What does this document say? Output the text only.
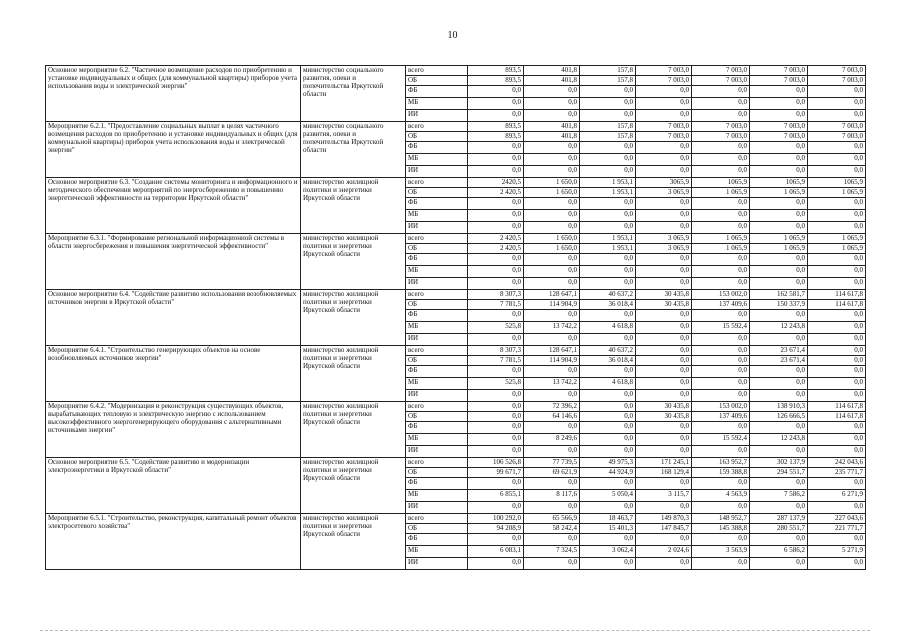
10
Основное мероприятие 6.2. "Частичное возмещение расходов по приобретению и установке индивидуальных и общих (для коммунальной квартиры) приборов учета использования воды и электрической энергии"	министерство социального развития, опеки и попечительства Иркутской области	всего	893,5	401,8	157,8	7 003,0	7 003,0	7 003,0	7 003,0
		ОБ	893,5	401,8	157,8	7 003,0	7 003,0	7 003,0	7 003,0
		ФБ	0,0	0,0	0,0	0,0	0,0	0,0	0,0
		МБ	0,0	0,0	0,0	0,0	0,0	0,0	0,0
		ИИ	0,0	0,0	0,0	0,0	0,0	0,0	0,0
Мероприятие 6.2.1. "Предоставление социальных выплат в целях частичного возмещения расходов по приобретению и установке индивидуальных и общих (для коммунальной квартиры) приборов учета использования воды и электрической энергии"	министерство социального развития, опеки и попечительства Иркутской области	всего	893,5	401,8	157,8	7 003,0	7 003,0	7 003,0	7 003,0
		ОБ	893,5	401,8	157,8	7 003,0	7 003,0	7 003,0	7 003,0
		ФБ	0,0	0,0	0,0	0,0	0,0	0,0	0,0
		МБ	0,0	0,0	0,0	0,0	0,0	0,0	0,0
		ИИ	0,0	0,0	0,0	0,0	0,0	0,0	0,0
Основное мероприятие 6.3. "Создание системы мониторинга и информационного и методического обеспечения мероприятий по энергосбережению и повышению энергетической эффективности на территории Иркутской области"	министерство жилищной политики и энергетики Иркутской области	всего	2420,5	1 650,0	1 953,1	3065,9	1065,9	1065,9	1065,9
		ОБ	2 420,5	1 650,0	1 953,1	3 065,9	1 065,9	1 065,9	1 065,9
		ФБ	0,0	0,0	0,0	0,0	0,0	0,0	0,0
		МБ	0,0	0,0	0,0	0,0	0,0	0,0	0,0
		ИИ	0,0	0,0	0,0	0,0	0,0	0,0	0,0
Мероприятие 6.3.1. "Формирование региональной информационной системы в области энергосбережения и повышения энергетической эффективности"	министерство жилищной политики и энергетики Иркутской области	всего	2 420,5	1 650,0	1 953,1	3 065,9	1 065,9	1 065,9	1 065,9
		ОБ	2 420,5	1 650,0	1 953,1	3 065,9	1 065,9	1 065,9	1 065,9
		ФБ	0,0	0,0	0,0	0,0	0,0	0,0	0,0
		МБ	0,0	0,0	0,0	0,0	0,0	0,0	0,0
		ИИ	0,0	0,0	0,0	0,0	0,0	0,0	0,0
Основное мероприятие 6.4. "Содействие развитию использования возобновляемых источников энергии в Иркутской области"	министерство жилищной политики и энергетики Иркутской области	всего	8 307,3	128 647,1	40 637,2	30 435,8	153 002,0	162 581,7	114 617,8
		ОБ	7 781,5	114 904,9	36 018,4	30 435,8	137 409,6	150 337,9	114 617,8
		ФБ	0,0	0,0	0,0	0,0	0,0	0,0	0,0
		МБ	525,8	13 742,2	4 618,8	0,0	15 592,4	12 243,8	0,0
		ИИ	0,0	0,0	0,0	0,0	0,0	0,0	0,0
Мероприятие 6.4.1. "Строительство генерирующих объектов на основе возобновляемых источников энергии"	министерство жилищной политики и энергетики Иркутской области	всего	8 307,3	128 647,1	40 637,2	0,0	0,0	23 671,4	0,0
		ОБ	7 781,5	114 904,9	36 018,4	0,0	0,0	23 671,4	0,0
		ФБ	0,0	0,0	0,0	0,0	0,0	0,0	0,0
		МБ	525,8	13 742,2	4 618,8	0,0	0,0	0,0	0,0
		ИИ	0,0	0,0	0,0	0,0	0,0	0,0	0,0
Мероприятие 6.4.2. "Модернизация и реконструкция существующих объектов, вырабатывающих тепловую и электрическую энергию с использованием высокоэффективного энергогенерирующего оборудования с альтернативными источниками энергии"	министерство жилищной политики и энергетики Иркутской области	всего	0,0	72 396,2	0,0	30 435,8	153 002,0	138 910,3	114 617,8
		ОБ	0,0	64 146,6	0,0	30 435,8	137 409,6	126 666,5	114 617,8
		ФБ	0,0	0,0	0,0	0,0	0,0	0,0	0,0
		МБ	0,0	8 249,6	0,0	0,0	15 592,4	12 243,8	0,0
		ИИ	0,0	0,0	0,0	0,0	0,0	0,0	0,0
Основное мероприятие 6.5. "Содействие развитию и модернизации электроэнергетики в Иркутской области"	министерство жилищной политики и энергетики Иркутской области	всего	106 526,8	77 739,5	49 975,3	171 245,1	163 952,7	302 137,9	242 043,6
		ОБ	99 671,7	69 621,9	44 924,9	168 129,4	159 388,8	294 551,7	235 771,7
		ФБ	0,0	0,0	0,0	0,0	0,0	0,0	0,0
		МБ	6 855,1	8 117,6	5 050,4	3 115,7	4 563,9	7 586,2	6 271,9
		ИИ	0,0	0,0	0,0	0,0	0,0	0,0	0,0
Мероприятие 6.5.1. "Строительство, реконструкция, капитальный ремонт объектов электросетевого хозяйства"	министерство жилищной политики и энергетики Иркутской области	всего	100 292,0	65 566,9	18 463,7	149 870,3	148 952,7	287 137,9	227 043,6
		ОБ	94 208,9	58 242,4	15 401,3	147 845,7	145 388,8	280 551,7	221 771,7
		ФБ	0,0	0,0	0,0	0,0	0,0	0,0	0,0
		МБ	6 083,1	7 324,5	3 062,4	2 024,6	3 563,9	6 586,2	5 271,9
		ИИ	0,0	0,0	0,0	0,0	0,0	0,0	0,0
